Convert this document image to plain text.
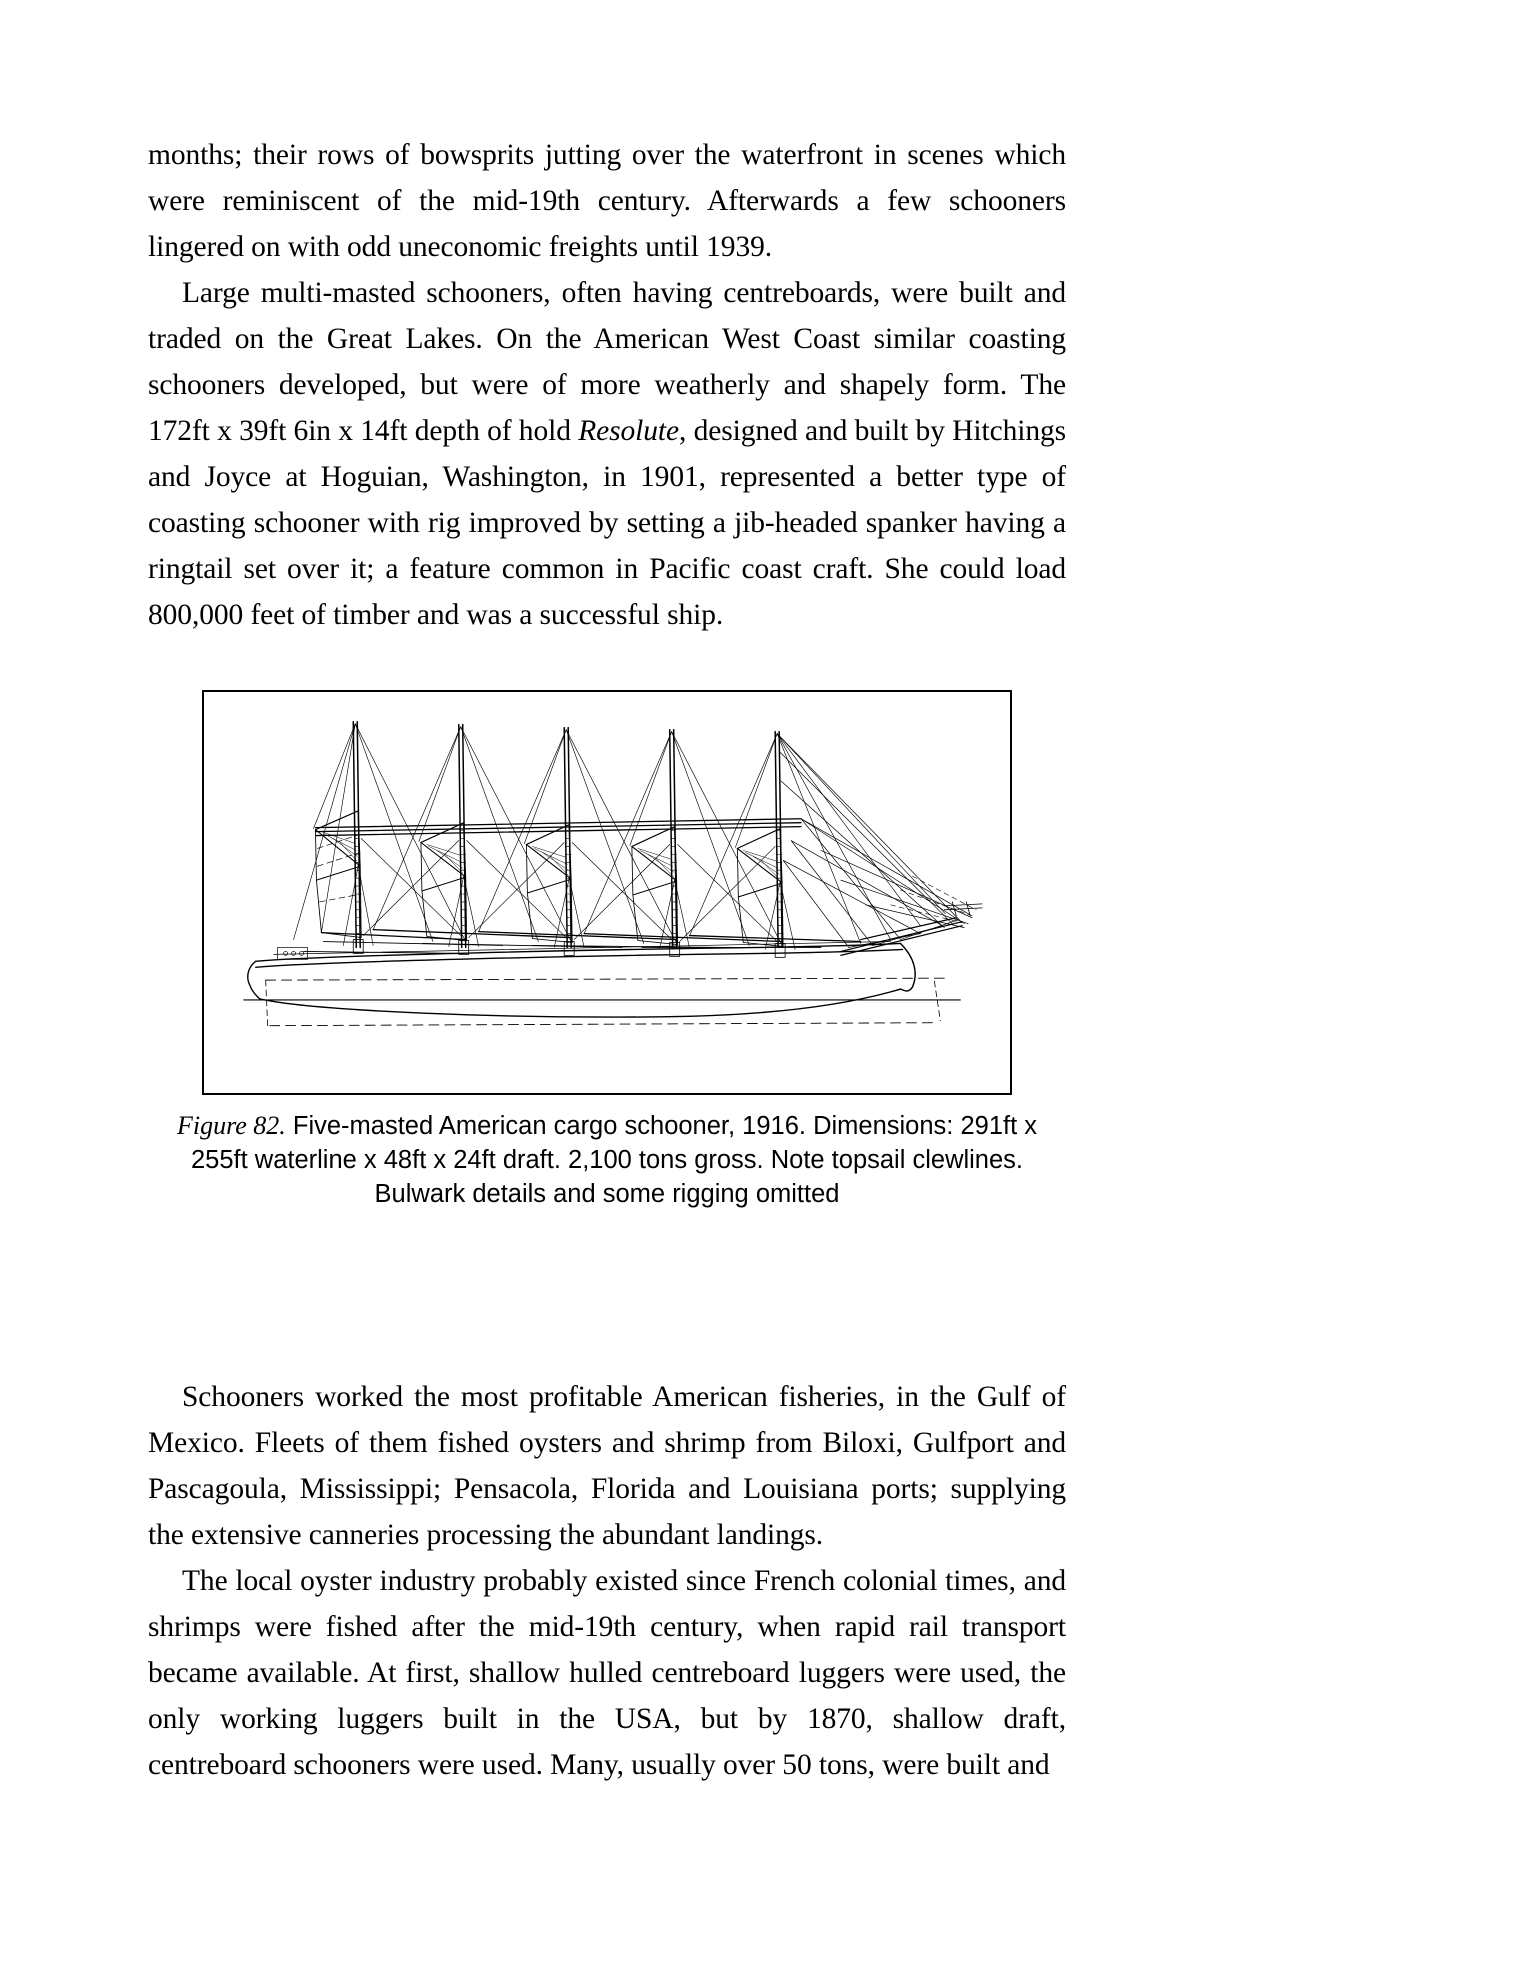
months; their rows of bowsprits jutting over the waterfront in scenes which were reminiscent of the mid-19th century. Afterwards a few schooners lingered on with odd uneconomic freights until 1939.

Large multi-masted schooners, often having centreboards, were built and traded on the Great Lakes. On the American West Coast similar coasting schooners developed, but were of more weatherly and shapely form. The 172ft x 39ft 6in x 14ft depth of hold Resolute, designed and built by Hitchings and Joyce at Hoguian, Washington, in 1901, represented a better type of coasting schooner with rig improved by setting a jib-headed spanker having a ringtail set over it; a feature common in Pacific coast craft. She could load 800,000 feet of timber and was a successful ship.

Figure 82. Five-masted American cargo schooner, 1916. Dimensions: 291ft x 255ft waterline x 48ft x 24ft draft. 2,100 tons gross. Note topsail clewlines. Bulwark details and some rigging omitted

Schooners worked the most profitable American fisheries, in the Gulf of Mexico. Fleets of them fished oysters and shrimp from Biloxi, Gulfport and Pascagoula, Mississippi; Pensacola, Florida and Louisiana ports; supplying the extensive canneries processing the abundant landings.

The local oyster industry probably existed since French colonial times, and shrimps were fished after the mid-19th century, when rapid rail transport became available. At first, shallow hulled centreboard luggers were used, the only working luggers built in the USA, but by 1870, shallow draft, centreboard schooners were used. Many, usually over 50 tons, were built and
